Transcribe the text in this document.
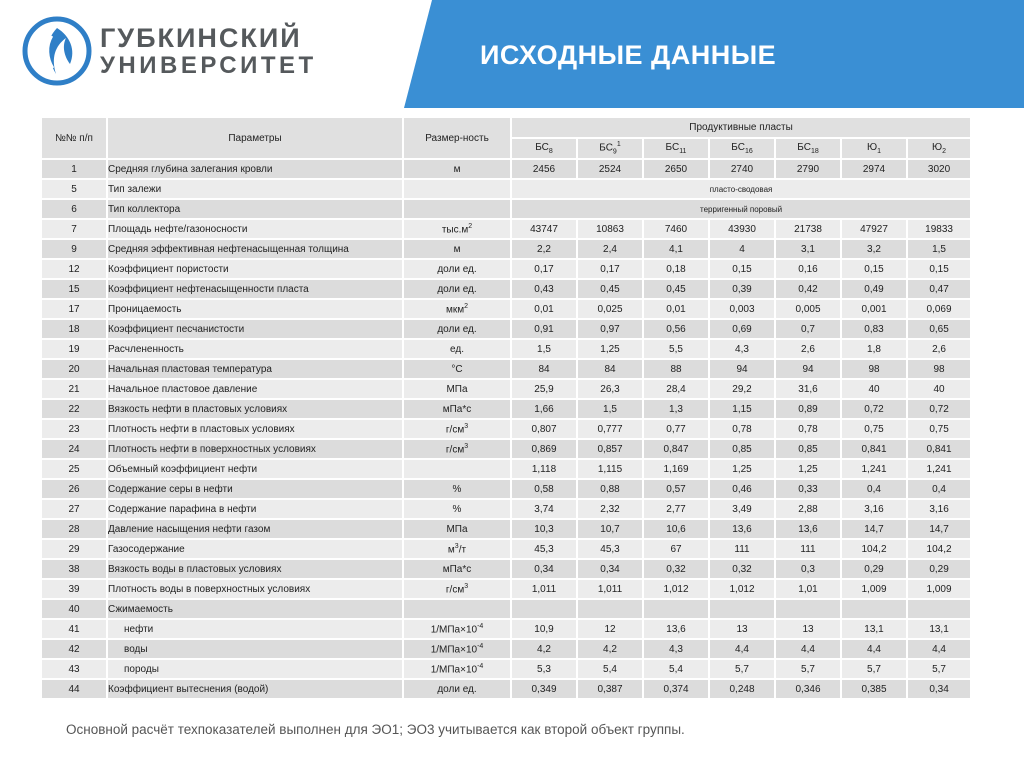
ГУБКИНСКИЙ
УНИВЕРСИТЕТ	ИСХОДНЫЕ ДАННЫЕ
№№ п/п	Параметры	Размер-ность	Продуктивные пласты						
			$БС_8$	$БС_9^1$	$БС_{11}$	$БС_{16}$	$БС_{18}$	$Ю_1$	$Ю_2$
1	Средняя глубина залегания кровли	м	2456	2524	2650	2740	2790	2974	3020
5	Тип залежи		пласто-сводовая						
6	Тип коллектора		терригенный поровый						
7	Площадь нефте/газоносности	$тыс.м^2$	43747	10863	7460	43930	21738	47927	19833
9	Средняя эффективная нефтенасыщенная толщина	м	2,2	2,4	4,1	4	3,1	3,2	1,5
12	Коэффициент пористости	доли ед.	0,17	0,17	0,18	0,15	0,16	0,15	0,15
15	Коэффициент нефтенасыщенности пласта	доли ед.	0,43	0,45	0,45	0,39	0,42	0,49	0,47
17	Проницаемость	мкм$^2$	0,01	0,025	0,01	0,003	0,005	0,001	0,069
18	Коэффициент песчанистости	доли ед.	0,91	0,97	0,56	0,69	0,7	0,83	0,65
19	Расчлененность	ед.	1,5	1,25	5,5	4,3	2,6	1,8	2,6
20	Начальная пластовая температура	°С	84	84	88	94	94	98	98
21	Начальное пластовое давление	МПа	25,9	26,3	28,4	29,2	31,6	40	40
22	Вязкость нефти в пластовых условиях	мПа*с	1,66	1,5	1,3	1,15	0,89	0,72	0,72
23	Плотность нефти в пластовых условиях	$г/см^3$	0,807	0,777	0,77	0,78	0,78	0,75	0,75
24	Плотность нефти в поверхностных условиях	$г/см^3$	0,869	0,857	0,847	0,85	0,85	0,841	0,841
25	Объемный коэффициент нефти		1,118	1,115	1,169	1,25	1,25	1,241	1,241
26	Содержание серы в нефти	%	0,58	0,88	0,57	0,46	0,33	0,4	0,4
27	Содержание парафина в нефти	%	3,74	2,32	2,77	3,49	2,88	3,16	3,16
28	Давление насыщения нефти газом	МПа	10,3	10,7	10,6	13,6	13,6	14,7	14,7
29	Газосодержание	$м^3/т$	45,3	45,3	67	111	111	104,2	104,2
38	Вязкость воды в пластовых условиях	мПа*с	0,34	0,34	0,32	0,32	0,3	0,29	0,29
39	Плотность воды в поверхностных условиях	$г/см^3$	1,011	1,011	1,012	1,012	1,01	1,009	1,009
40	Сжимаемость								
41	нефти	$1/МПа\times 10^{-4}$	10,9	12	13,6	13	13	13,1	13,1
42	воды	$1/МПа\times 10^{-4}$	4,2	4,2	4,3	4,4	4,4	4,4	4,4
43	породы	$1/МПа\times 10^{-4}$	5,3	5,4	5,4	5,7	5,7	5,7	5,7
44	Коэффициент вытеснения (водой)	доли ед.	0,349	0,387	0,374	0,248	0,346	0,385	0,34
Основной расчёт техпоказателей выполнен для ЭО1; ЭО3 учитывается как второй объект группы.
